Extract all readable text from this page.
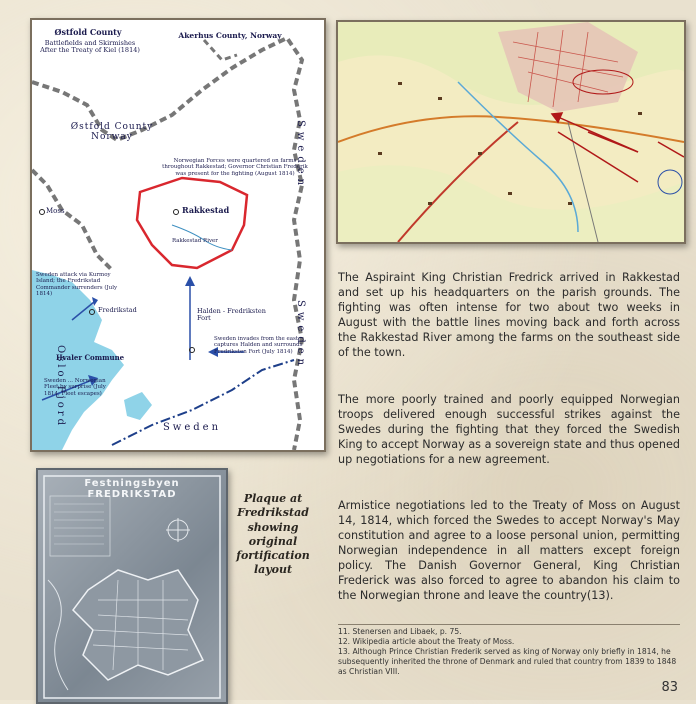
Østfold County
Battlefields and Skirmishes After the Treaty of Kiel (1814)
Akerhus County, Norway
Østfold County Norway	Sweden
Sweden
Sweden
Oslo Fjord
Moss	Rakkestad
Rakkestad River
Fredrikstad	Halden - Fredriksten Fort
Hvaler Commune
Norwegian Forces were quartered on farms throughout Rakkestad; Governor Christian Frederik was present for the fighting (August 1814)
Sweden attack via Kurmoy Island; the Fredrikstad Commander surrenders (July 1814)
Sweden invades from the east; captures Halden and surrounds Fredriksten Fort (July 1814)
Sweden ... Norwegian Fleet by surprise (July 1814; Fleet escapes)
Festningsbyen FREDRIKSTAD	Plaque at
Fredrikstad
showing
original
fortification
layout

The Aspiraint King Christian Fredrick arrived in Rakkestad and set up his headquarters on the parish grounds. The fighting was often intense for two about two weeks in August with the battle lines moving back and forth across the Rakkestad River among the farms on the southeast side of the town.

The more poorly trained and poorly equipped Norwegian troops delivered enough successful strikes against the Swedes during the fighting that they forced the Swedish King to accept Norway as a sovereign state and thus opened up negotiations for a new agreement.

Armistice negotiations led to the Treaty of Moss on August 14, 1814, which forced the Swedes to accept Norway's May constitution and agree to a loose personal union, permitting Norwegian independence in all matters except foreign policy. The Danish Governor General, King Christian Frederick was also forced to agree to abandon his claim to the Norwegian throne and leave the country(13).

11. Stenersen and Libaek, p. 75.
12. Wikipedia article about the Treaty of Moss.
13. Although Prince Christian Frederik served as king of Norway only briefly in 1814, he subsequently inherited the throne of Denmark and ruled that country from 1839 to 1848 as Christian VIII.
83
